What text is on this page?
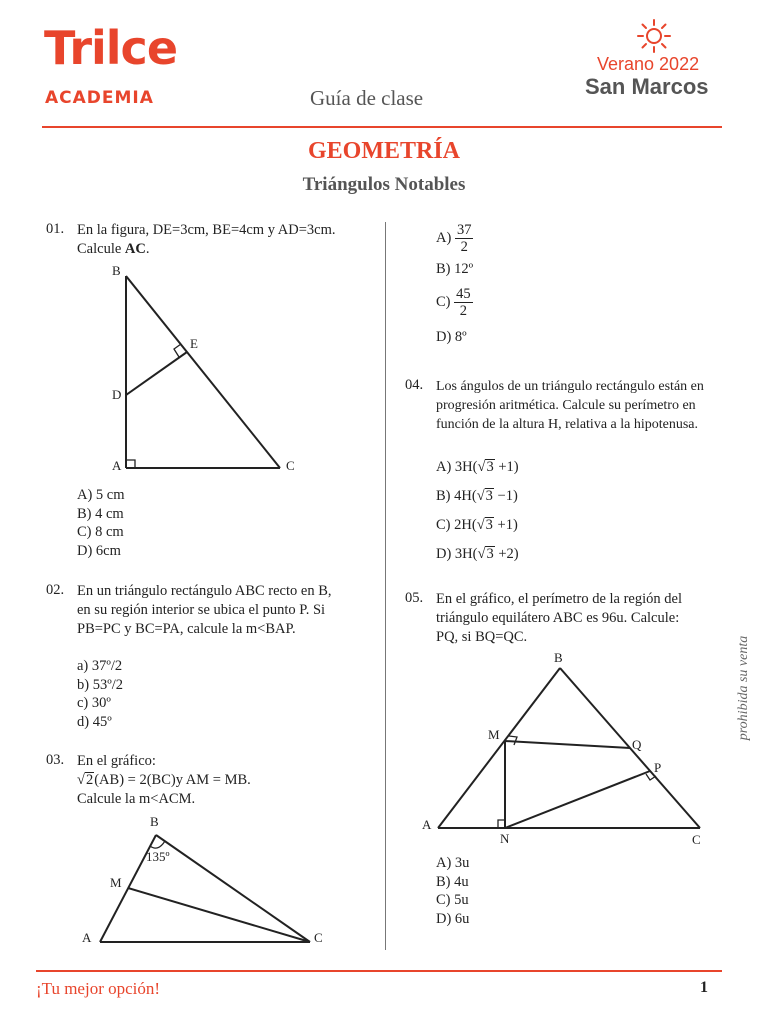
Trilce
ACADEMIA	Guía de clase
Verano 2022
San Marcos
GEOMETRÍA
Triángulos Notables
01. En la figura, DE=3cm, BE=4cm y AD=3cm.
Calcule AC.
B
E
D
A	C
A) 5 cm
B) 4 cm
C) 8 cm
D) 6cm
02. En un triángulo rectángulo ABC recto en B,
en su región interior se ubica el punto P. Si
PB=PC y BC=PA, calcule la m<BAP.
a) 37º/2
b) 53º/2
c) 30º
d) 45º
03. En el gráfico:
√2(AB) = 2(BC)y AM = MB.
Calcule la m<ACM.
B
135º
M
A	C
$A) \frac{37}{2}$
B) 12º
$C) \frac{45}{2}$
D) 8º
04. Los ángulos de un triángulo rectángulo están en
progresión aritmética. Calcule su perímetro en
función de la altura H, relativa a la hipotenusa.
A) 3H(√3 +1)
B) 4H(√3 −1)
C) 2H(√3 +1)
D) 3H(√3 +2)
05. En el gráfico, el perímetro de la región del
triángulo equilátero ABC es 96u. Calcule:
PQ, si BQ=QC.
B
M
Q
P
A
N	C
A) 3u
B) 4u
C) 5u
D) 6u
prohibida su venta
¡Tu mejor opción!	1
